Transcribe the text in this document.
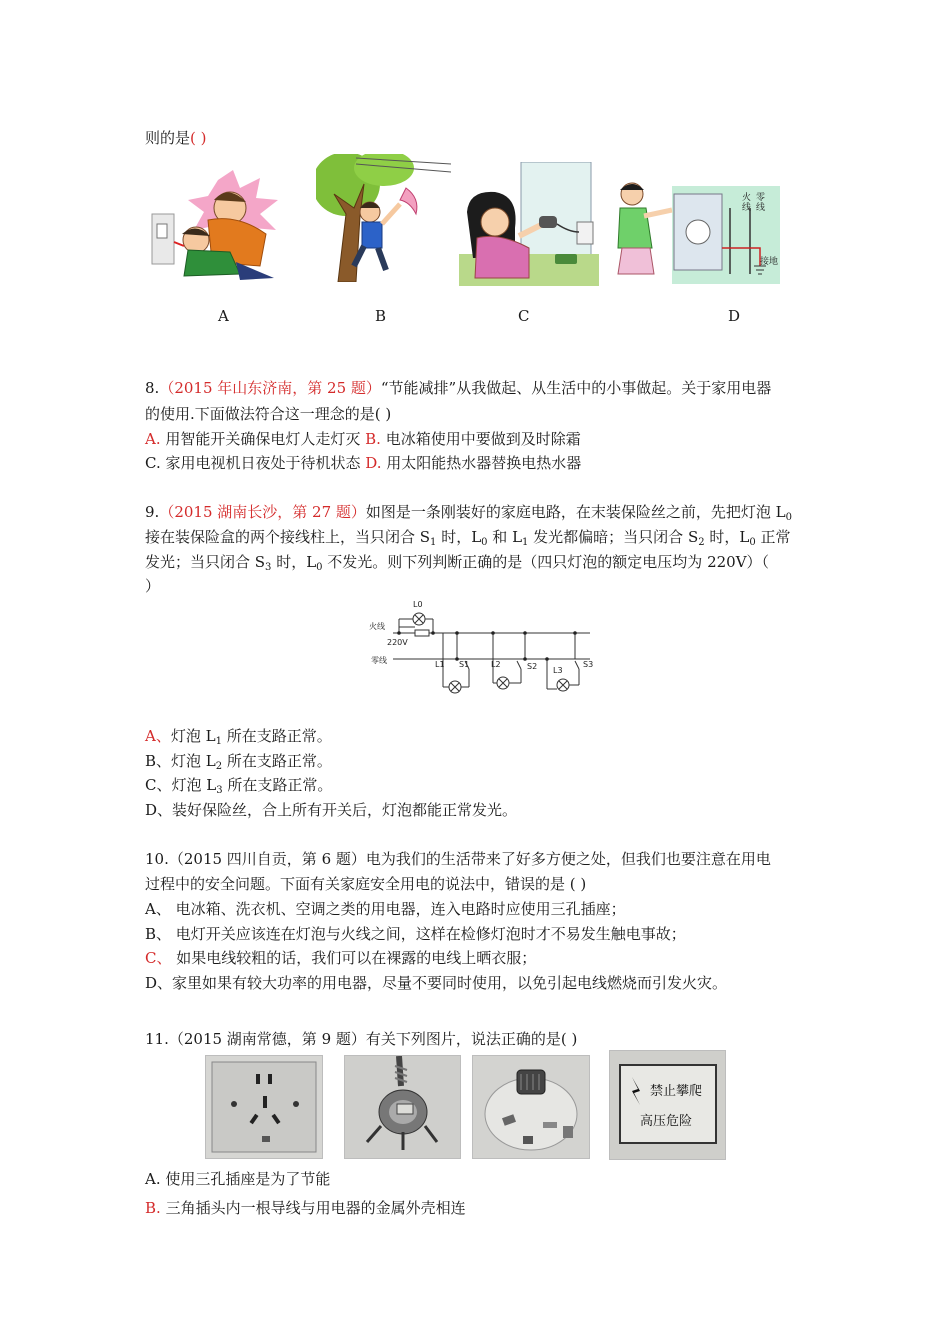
则的是( )
A	B	C
火
线
零
线
接地
D
8.（2015 年山东济南，第 25 题）“节能减排”从我做起、从生活中的小事做起。关于家用电器
的使用.下面做法符合这一理念的是( )
A. 用智能开关确保电灯人走灯灭 B. 电冰箱使用中要做到及时除霜
C. 家用电视机日夜处于待机状态 D. 用太阳能热水器替换电热水器
9.（2015 湖南长沙，第 27 题）如图是一条刚装好的家庭电路，在末装保险丝之前，先把灯泡 $L_0$
接在装保险盒的两个接线柱上，当只闭合 $S_1$ 时，$L_0$ 和 $L_1$ 发光都偏暗；当只闭合 $S_2$ 时，$L_0$ 正常
发光；当只闭合 $S_3$ 时，$L_0$ 不发光。则下列判断正确的是（四只灯泡的额定电压均为 220V）（
）
火线
零线
220V
L0
L1 S1	L2	S2 L3
S3
A、灯泡 $L_1$ 所在支路正常。
B、灯泡 $L_2$ 所在支路正常。
C、灯泡 $L_3$ 所在支路正常。
D、装好保险丝，合上所有开关后，灯泡都能正常发光。
10.（2015 四川自贡，第 6 题）电为我们的生活带来了好多方便之处，但我们也要注意在用电
过程中的安全问题。下面有关家庭安全用电的说法中，错误的是 ( )
A、 电冰箱、洗衣机、空调之类的用电器，连入电路时应使用三孔插座；
B、 电灯开关应该连在灯泡与火线之间，这样在检修灯泡时才不易发生触电事故；
C、 如果电线较粗的话，我们可以在裸露的电线上晒衣服；
D、家里如果有较大功率的用电器，尽量不要同时使用，以免引起电线燃烧而引发火灾。
11.（2015 湖南常德，第 9 题）有关下列图片，说法正确的是( )
禁止攀爬
高压危险
A. 使用三孔插座是为了节能
B. 三角插头内一根导线与用电器的金属外壳相连
